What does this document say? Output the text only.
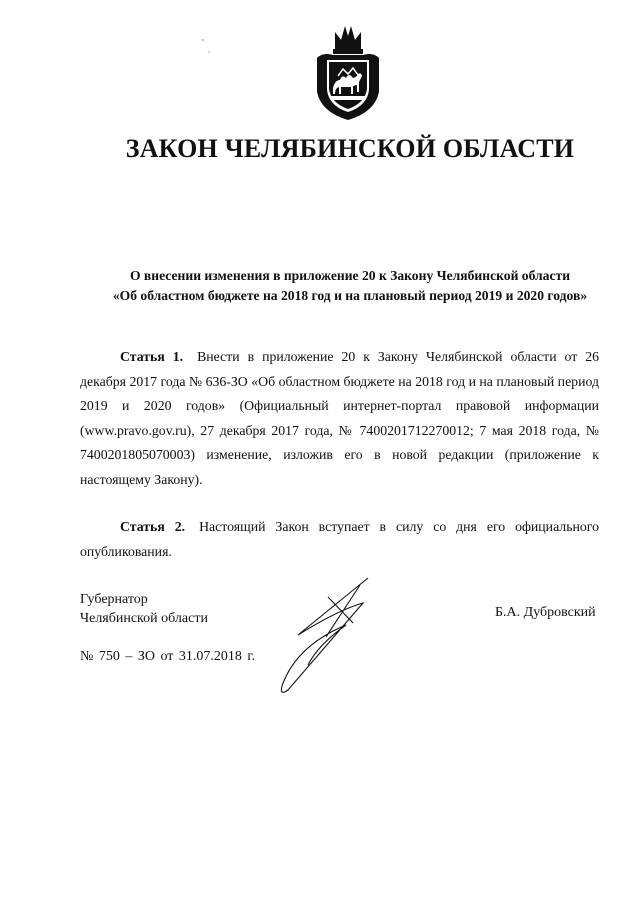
ЗАКОН ЧЕЛЯБИНСКОЙ ОБЛАСТИ
О внесении изменения в приложение 20 к Закону Челябинской области
«Об областном бюджете на 2018 год и на плановый период 2019 и 2020 годов»
Статья 1. Внести в приложение 20 к Закону Челябинской области от 26 декабря 2017 года № 636-ЗО «Об областном бюджете на 2018 год и на плановый период 2019 и 2020 годов» (Официальный интернет-портал правовой информации (www.pravo.gov.ru), 27 декабря 2017 года, № 7400201712270012; 7 мая 2018 года, № 7400201805070003) изменение, изложив его в новой редакции (приложение к настоящему Закону).
Статья 2. Настоящий Закон вступает в силу со дня его официального опубликования.
Губернатор
Челябинской области	Б.А. Дубровский
№ 750 – ЗО от 31.07.2018 г.
